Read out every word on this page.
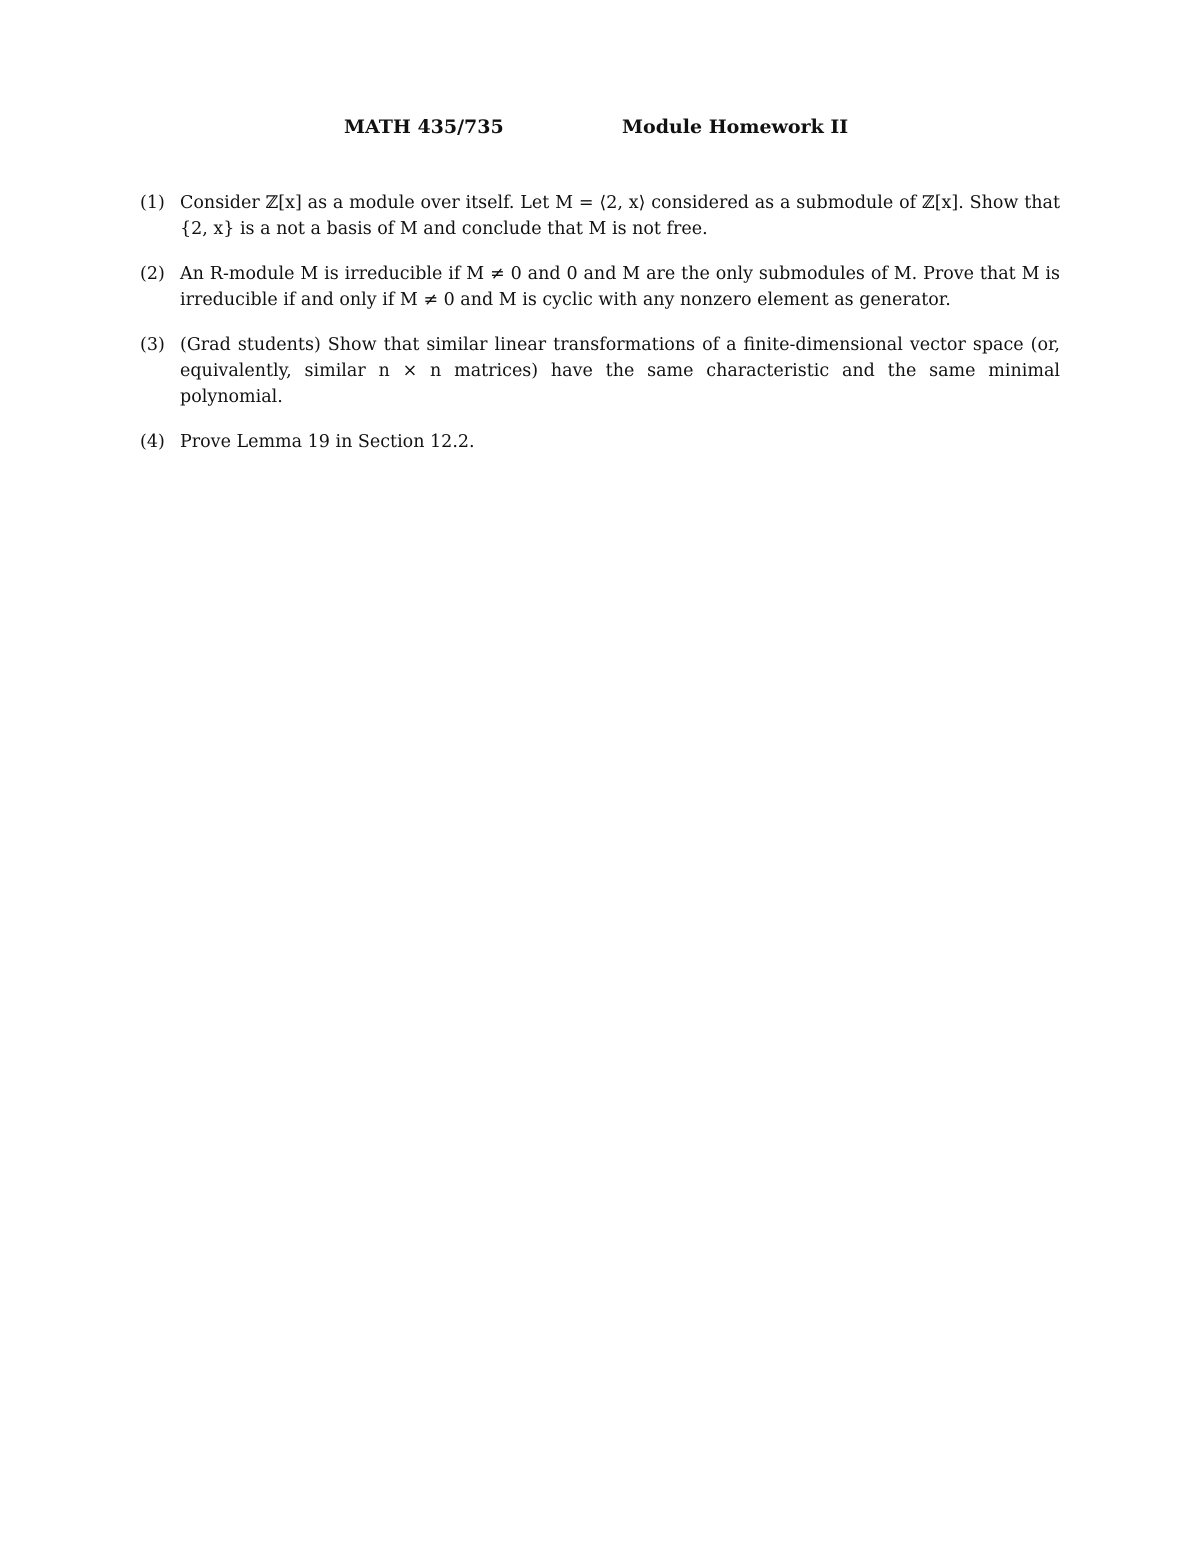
MATH 435/735	Module Homework II
(1) Consider ℤ[x] as a module over itself. Let M = ⟨2, x⟩ considered as a submodule of ℤ[x]. Show that {2, x} is a not a basis of M and conclude that M is not free.
(2) An R-module M is irreducible if M ≠ 0 and 0 and M are the only submodules of M. Prove that M is irreducible if and only if M ≠ 0 and M is cyclic with any nonzero element as generator.
(3) (Grad students) Show that similar linear transformations of a finite-dimensional vector space (or, equivalently, similar n × n matrices) have the same characteristic and the same minimal polynomial.
(4) Prove Lemma 19 in Section 12.2.
